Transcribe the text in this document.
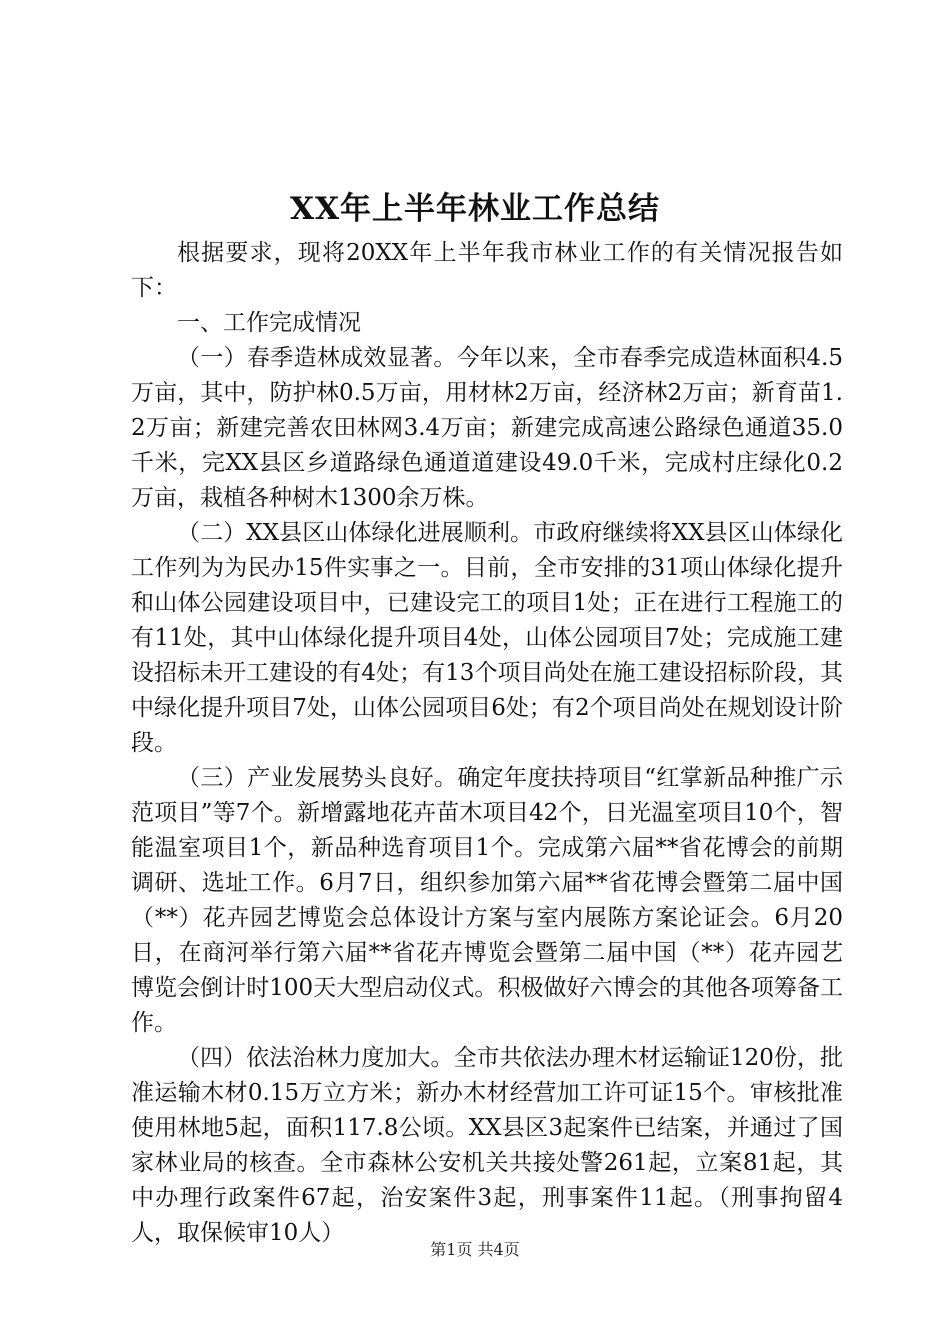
XX年上半年林业工作总结

根据要求，现将20XX年上半年我市林业工作的有关情况报告如下：

一、工作完成情况

（一）春季造林成效显著。今年以来，全市春季完成造林面积4.5万亩，其中，防护林0.5万亩，用材林2万亩，经济林2万亩；新育苗1.2万亩；新建完善农田林网3.4万亩；新建完成高速公路绿色通道35.0千米，完XX县区乡道路绿色通道道建设49.0千米，完成村庄绿化0.2万亩，栽植各种树木1300余万株。

（二）XX县区山体绿化进展顺利。市政府继续将XX县区山体绿化工作列为为民办15件实事之一。目前，全市安排的31项山体绿化提升和山体公园建设项目中，已建设完工的项目1处；正在进行工程施工的有11处，其中山体绿化提升项目4处，山体公园项目7处；完成施工建设招标未开工建设的有4处；有13个项目尚处在施工建设招标阶段，其中绿化提升项目7处，山体公园项目6处；有2个项目尚处在规划设计阶段。

（三）产业发展势头良好。确定年度扶持项目“红掌新品种推广示范项目”等7个。新增露地花卉苗木项目42个，日光温室项目10个，智能温室项目1个，新品种选育项目1个。完成第六届**省花博会的前期调研、选址工作。6月7日，组织参加第六届**省花博会暨第二届中国（**）花卉园艺博览会总体设计方案与室内展陈方案论证会。6月20日，在商河举行第六届**省花卉博览会暨第二届中国（**）花卉园艺博览会倒计时100天大型启动仪式。积极做好六博会的其他各项筹备工作。

（四）依法治林力度加大。全市共依法办理木材运输证120份，批准运输木材0.15万立方米；新办木材经营加工许可证15个。审核批准使用林地5起，面积117.8公顷。XX县区3起案件已结案，并通过了国家林业局的核查。全市森林公安机关共接处警261起，立案81起，其中办理行政案件67起，治安案件3起，刑事案件11起。（刑事拘留4人，取保候审10人）

第1页 共4页
